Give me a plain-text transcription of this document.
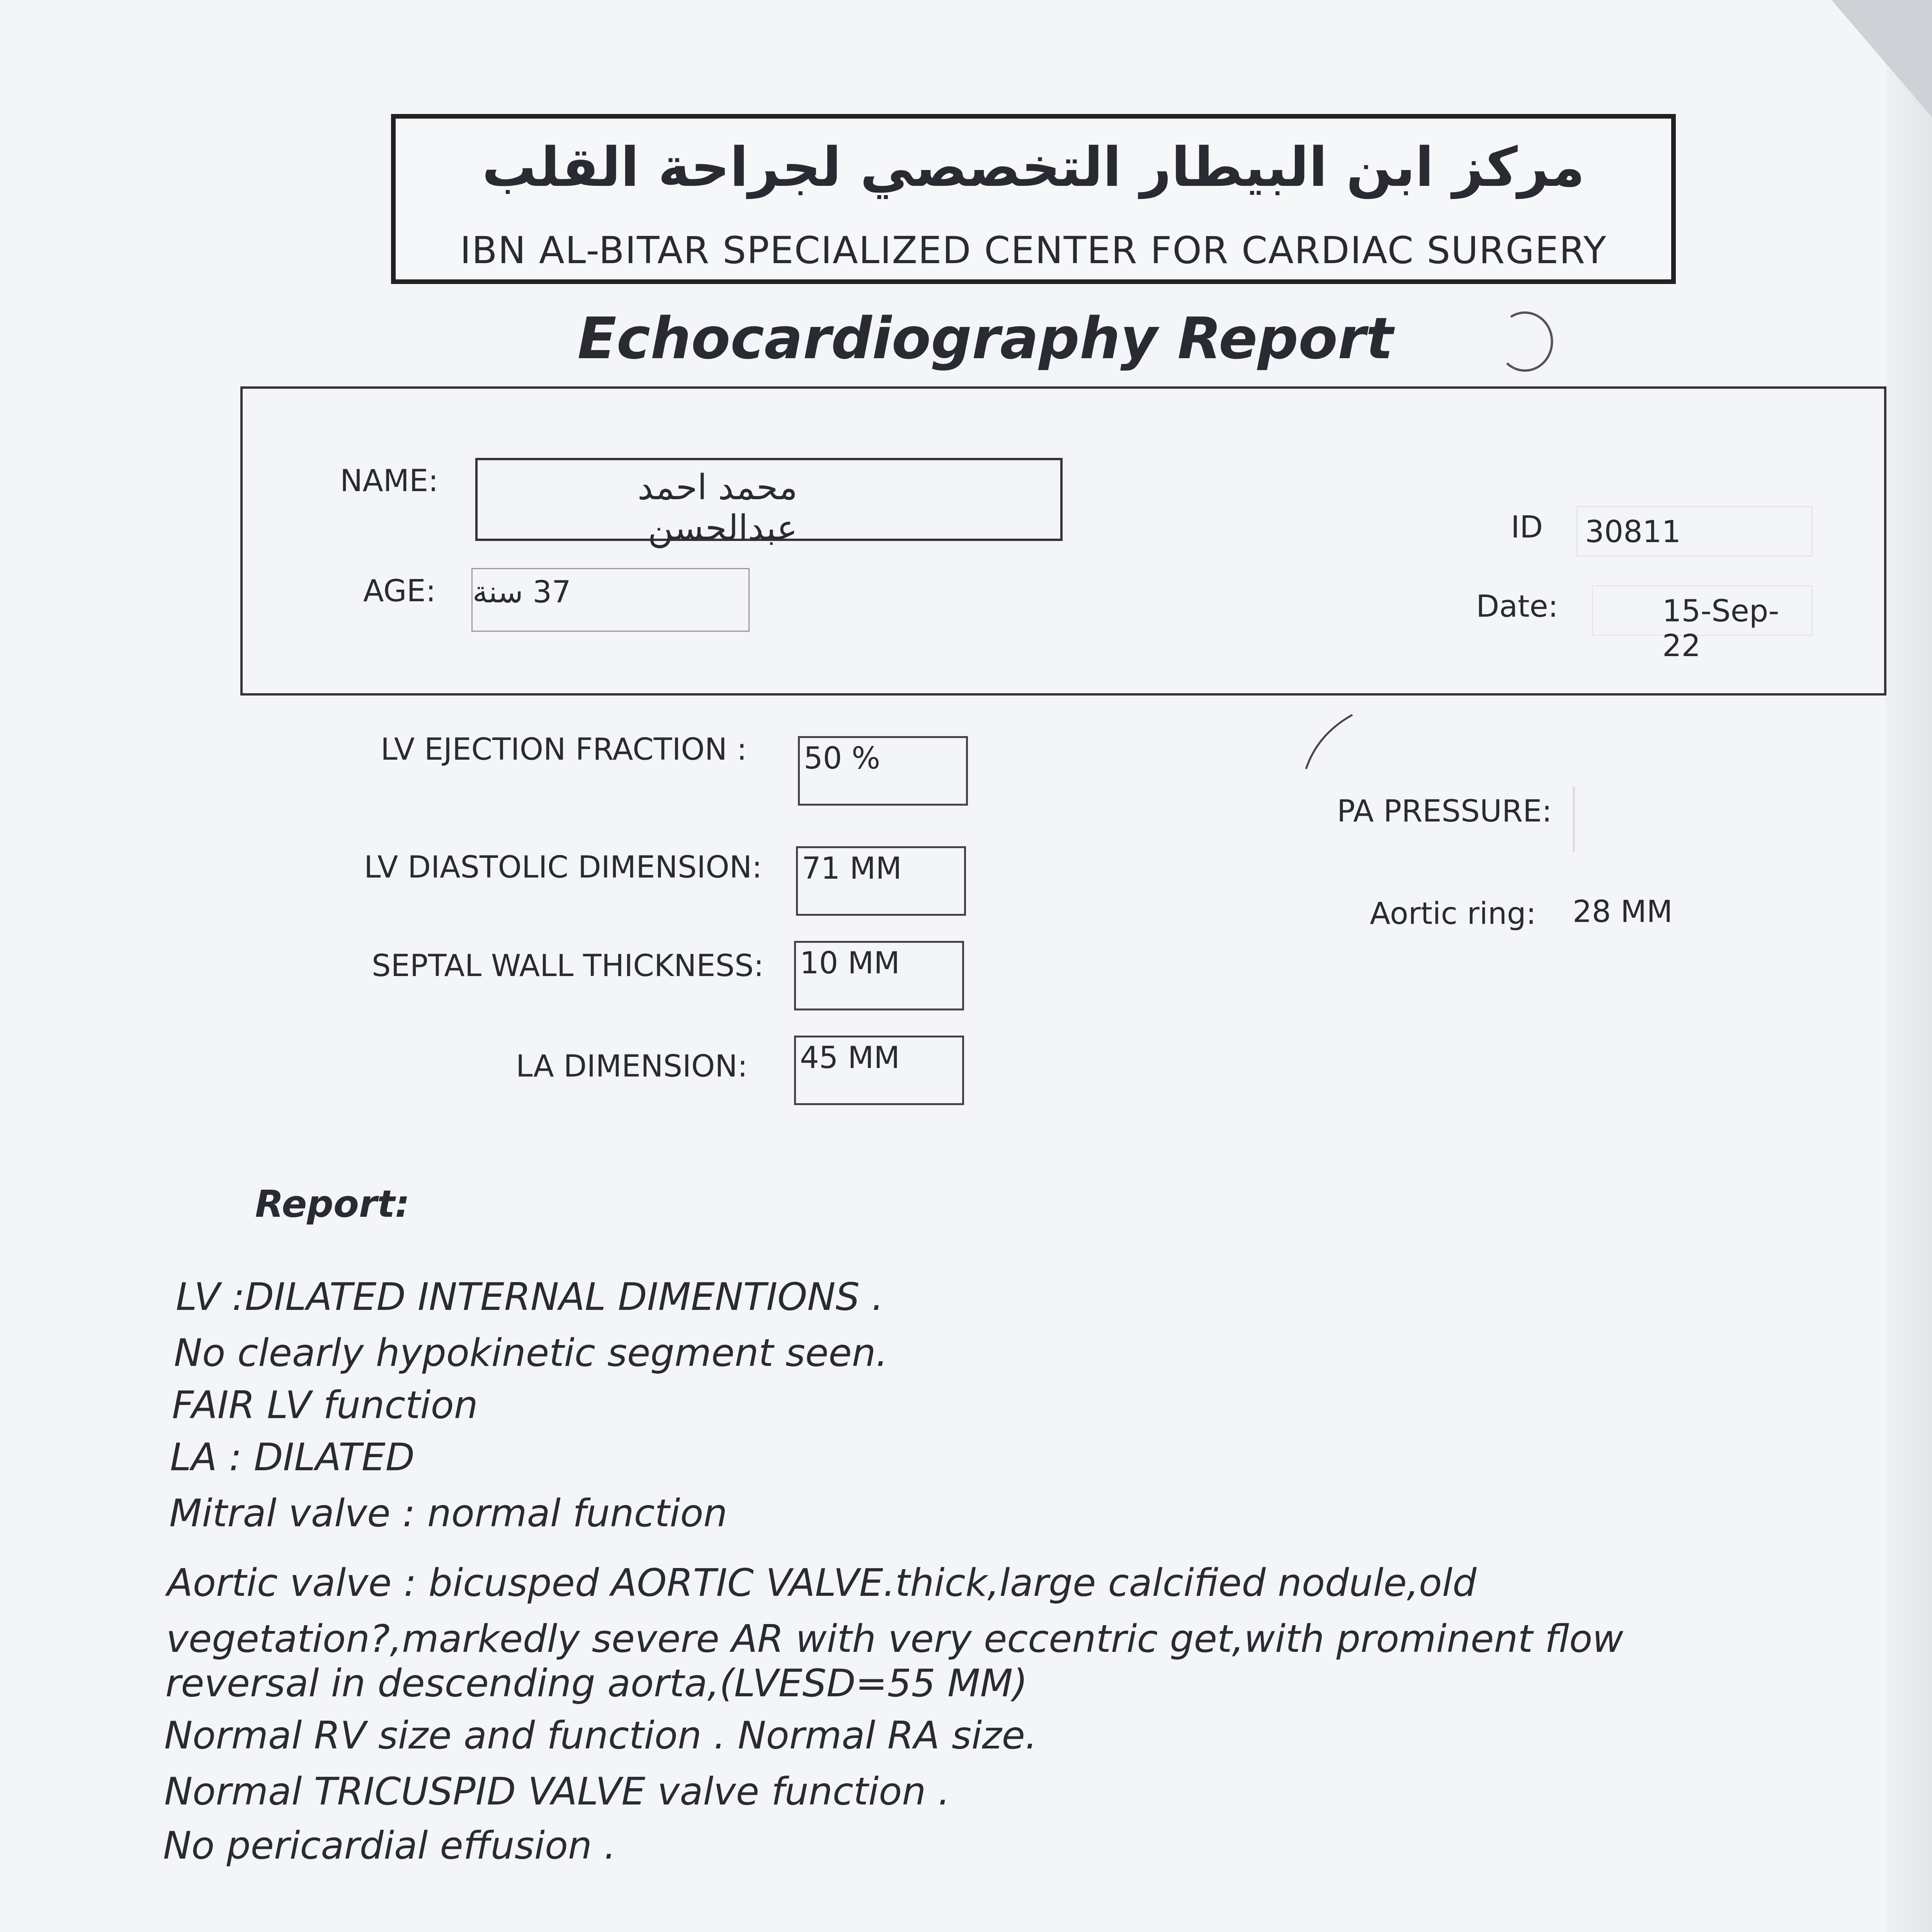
مركز ابن البيطار التخصصي لجراحة القلب
IBN AL-BITAR SPECIALIZED CENTER FOR CARDIAC SURGERY
Echocardiography Report
NAME:	محمد احمد عبدالحسن
AGE: 37 سنة
ID 30811
Date:	15-Sep-22
LV EJECTION FRACTION : 50 %
LV DIASTOLIC DIMENSION: 71 MM
SEPTAL WALL THICKNESS: 10 MM
LA DIMENSION: 45 MM
PA PRESSURE:
Aortic ring: 28 MM
Report:
LV :DILATED INTERNAL DIMENTIONS .
No clearly hypokinetic segment seen.
FAIR LV function
LA : DILATED
Mitral valve : normal function
Aortic valve : bicusped AORTIC VALVE.thick,large calcified nodule,old
vegetation?,markedly severe AR with very eccentric get,with prominent flow
reversal in descending aorta,(LVESD=55 MM)
Normal RV size and function . Normal RA size.
Normal TRICUSPID VALVE valve function .
No pericardial effusion .
